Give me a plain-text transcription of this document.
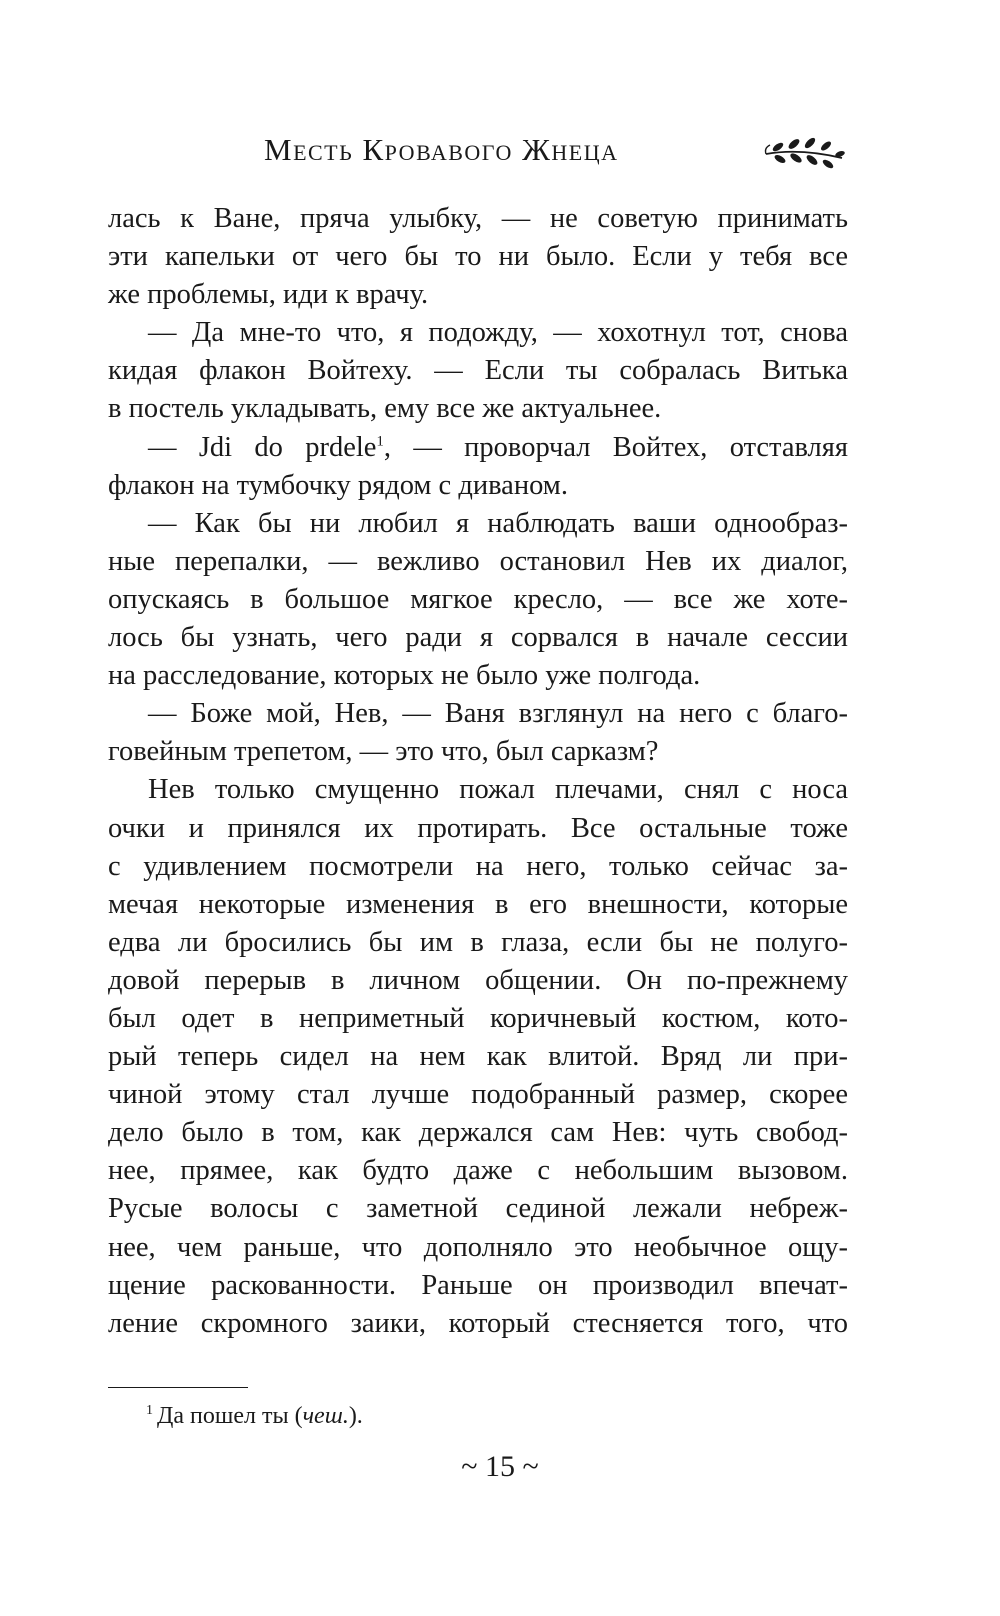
Месть Кровавого Жнеца
лась к Ване, пряча улыбку, — не советую принимать
эти капельки от чего бы то ни было. Если у тебя все
же проблемы, иди к врачу.
— Да мне-то что, я подожду, — хохотнул тот, снова
кидая флакон Войтеху. — Если ты собралась Витька
в постель укладывать, ему все же актуальнее.
— Jdi do prdele$^1$, — проворчал Войтех, отставляя
флакон на тумбочку рядом с диваном.
— Как бы ни любил я наблюдать ваши однообраз-
ные перепалки, — вежливо остановил Нев их диалог,
опускаясь в большое мягкое кресло, — все же хоте-
лось бы узнать, чего ради я сорвался в начале сессии
на расследование, которых не было уже полгода.
— Боже мой, Нев, — Ваня взглянул на него с благо-
говейным трепетом, — это что, был сарказм?
Нев только смущенно пожал плечами, снял с носа
очки и принялся их протирать. Все остальные тоже
с удивлением посмотрели на него, только сейчас за-
мечая некоторые изменения в его внешности, которые
едва ли бросились бы им в глаза, если бы не полуго-
довой перерыв в личном общении. Он по-прежнему
был одет в неприметный коричневый костюм, кото-
рый теперь сидел на нем как влитой. Вряд ли при-
чиной этому стал лучше подобранный размер, скорее
дело было в том, как держался сам Нев: чуть свобод-
нее, прямее, как будто даже с небольшим вызовом.
Русые волосы с заметной сединой лежали небреж-
нее, чем раньше, что дополняло это необычное ощу-
щение раскованности. Раньше он производил впечат-
ление скромного заики, который стесняется того, что
$^1$ Да пошел ты (чеш.).
~ 15 ~
